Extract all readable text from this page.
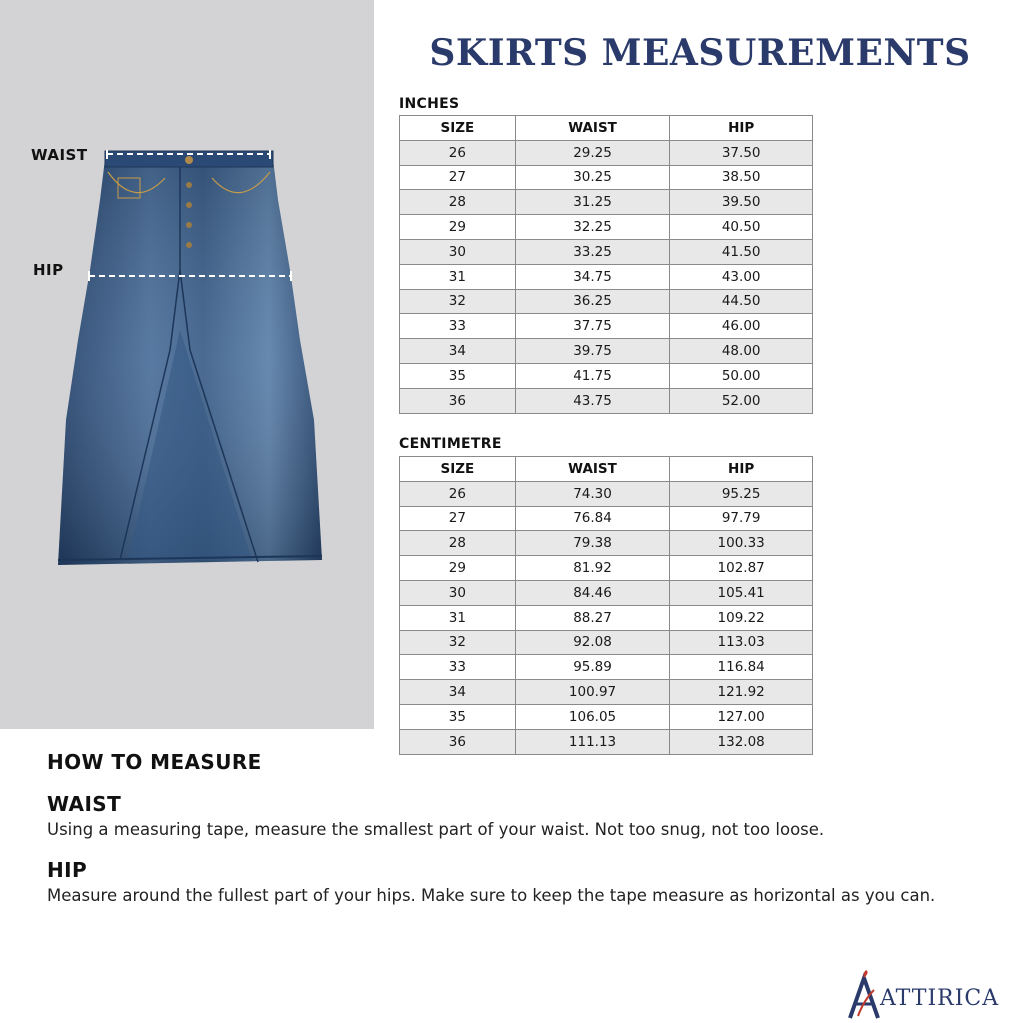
WAIST
HIP
SKIRTS MEASUREMENTS
INCHES
SIZE	WAIST	HIP
26	29.25	37.50
27	30.25	38.50
28	31.25	39.50
29	32.25	40.50
30	33.25	41.50
31	34.75	43.00
32	36.25	44.50
33	37.75	46.00
34	39.75	48.00
35	41.75	50.00
36	43.75	52.00
CENTIMETRE
SIZE	WAIST	HIP
26	74.30	95.25
27	76.84	97.79
28	79.38	100.33
29	81.92	102.87
30	84.46	105.41
31	88.27	109.22
32	92.08	113.03
33	95.89	116.84
34	100.97	121.92
35	106.05	127.00
36	111.13	132.08
HOW TO MEASURE
WAIST
Using a measuring tape, measure the smallest part of your waist. Not too snug, not too loose.
HIP
Measure around the fullest part of your hips. Make sure to keep the tape measure as horizontal as you can.
ATTIRICA
